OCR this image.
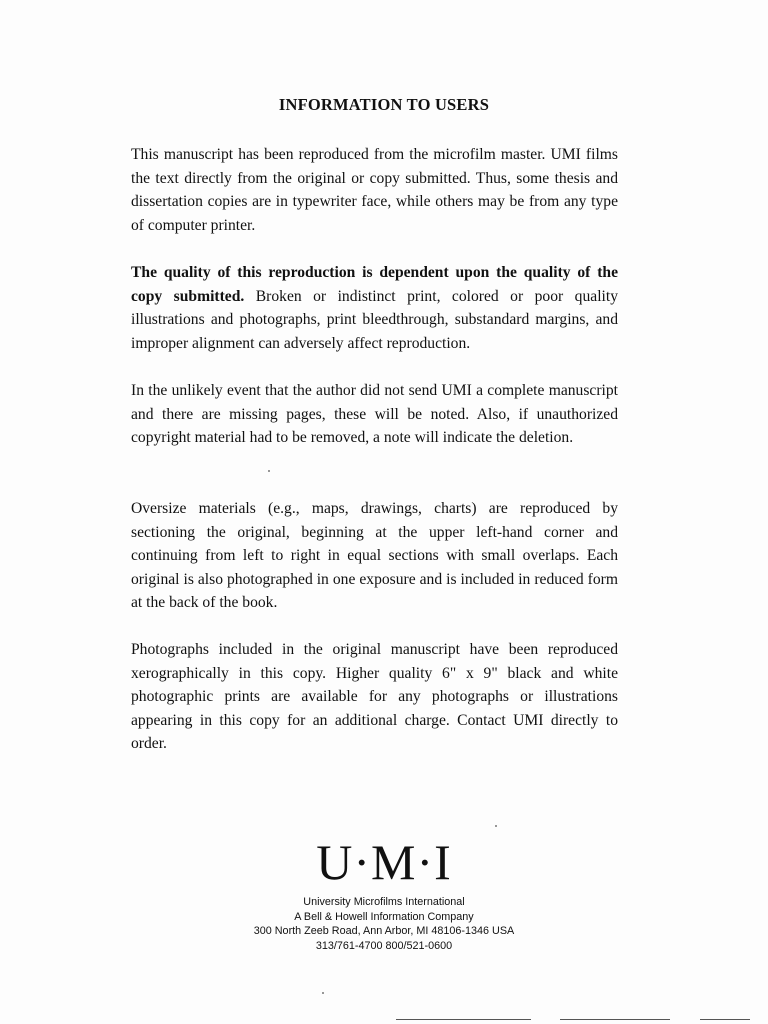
INFORMATION TO USERS

This manuscript has been reproduced from the microfilm master. UMI films the text directly from the original or copy submitted. Thus, some thesis and dissertation copies are in typewriter face, while others may be from any type of computer printer.

The quality of this reproduction is dependent upon the quality of the copy submitted. Broken or indistinct print, colored or poor quality illustrations and photographs, print bleedthrough, substandard margins, and improper alignment can adversely affect reproduction.

In the unlikely event that the author did not send UMI a complete manuscript and there are missing pages, these will be noted. Also, if unauthorized copyright material had to be removed, a note will indicate the deletion.

Oversize materials (e.g., maps, drawings, charts) are reproduced by sectioning the original, beginning at the upper left-hand corner and continuing from left to right in equal sections with small overlaps. Each original is also photographed in one exposure and is included in reduced form at the back of the book.

Photographs included in the original manuscript have been reproduced xerographically in this copy. Higher quality 6" x 9" black and white photographic prints are available for any photographs or illustrations appearing in this copy for an additional charge. Contact UMI directly to order.

U·M·I
University Microfilms International
A Bell & Howell Information Company
300 North Zeeb Road, Ann Arbor, MI 48106-1346 USA
313/761-4700 800/521-0600
